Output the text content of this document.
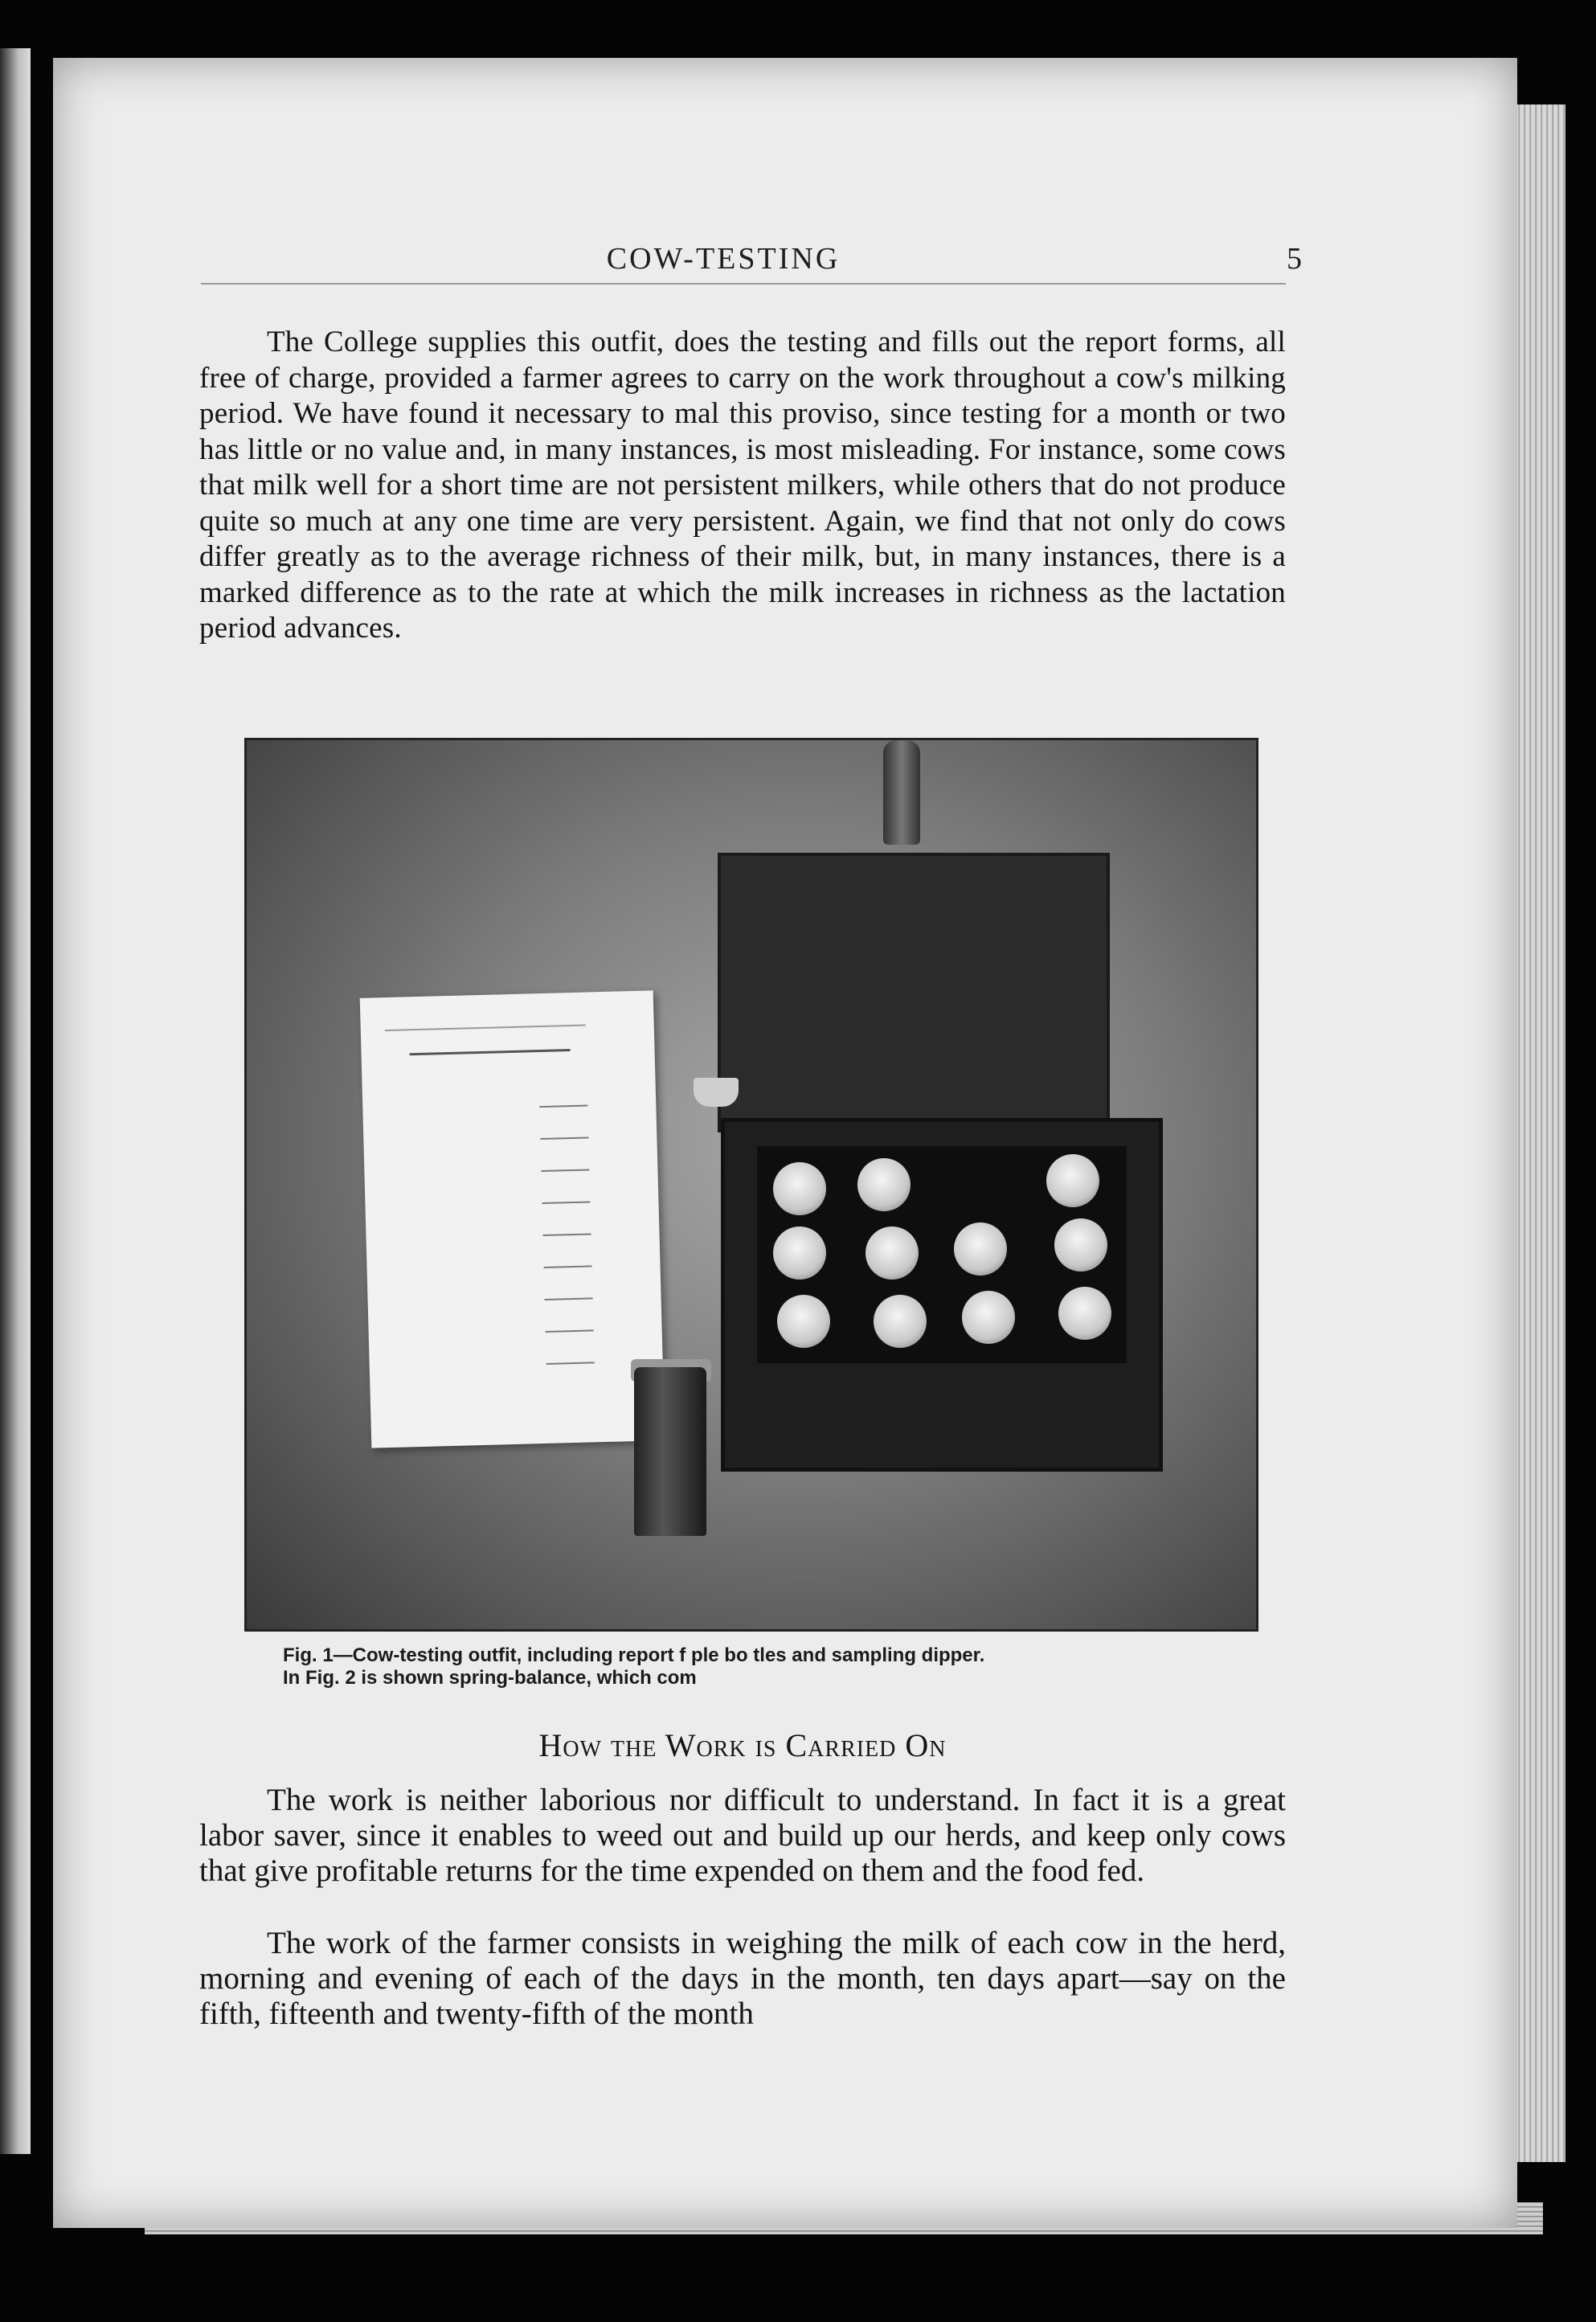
COW-TESTING	5

The College supplies this outfit, does the testing and fills out the report forms, all free of charge, provided a farmer agrees to carry on the work throughout a cow's milking period. We have found it necessary to mal this proviso, since testing for a month or two has little or no value and, in many instances, is most misleading. For instance, some cows that milk well for a short time are not persistent milkers, while others that do not produce quite so much at any one time are very persistent. Again, we find that not only do cows differ greatly as to the average richness of their milk, but, in many instances, there is a marked difference as to the rate at which the milk increases in richness as the lactation period advances.

Fig. 1—Cow-testing outfit, including report f ple bo tles and sampling dipper.
In Fig. 2 is shown spring-balance, which com
How the Work is Carried On

The work is neither laborious nor difficult to understand. In fact it is a great labor saver, since it enables to weed out and build up our herds, and keep only cows that give profitable returns for the time expended on them and the food fed.

The work of the farmer consists in weighing the milk of each cow in the herd, morning and evening of each of the days in the month, ten days apart—say on the fifth, fifteenth and twenty-fifth of the month
